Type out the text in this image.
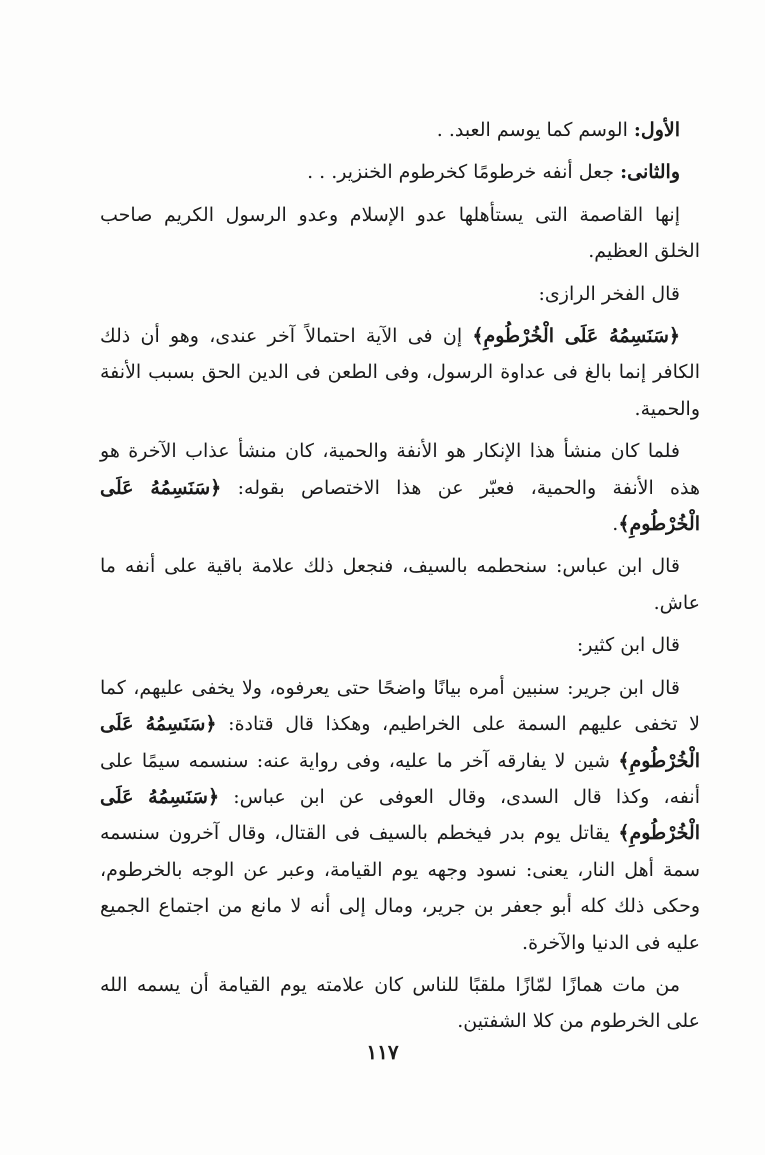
الأول: الوسم كما يوسم العبد. .

والثانى: جعل أنفه خرطومًا كخرطوم الخنزير. . .

إنها القاصمة التى يستأهلها عدو الإسلام وعدو الرسول الكريم صاحب الخلق العظيم.

قال الفخر الرازى:

﴿سَنَسِمُهُ عَلَى الْخُرْطُومِ﴾ إن فى الآية احتمالاً آخر عندى، وهو أن ذلك الكافر إنما بالغ فى عداوة الرسول، وفى الطعن فى الدين الحق بسبب الأنفة والحمية.

فلما كان منشأ هذا الإنكار هو الأنفة والحمية، كان منشأ عذاب الآخرة هو هذه الأنفة والحمية، فعبّر عن هذا الاختصاص بقوله: ﴿سَنَسِمُهُ عَلَى الْخُرْطُومِ﴾.

قال ابن عباس: سنحطمه بالسيف، فنجعل ذلك علامة باقية على أنفه ما عاش.

قال ابن كثير:

قال ابن جرير: سنبين أمره بيانًا واضحًا حتى يعرفوه، ولا يخفى عليهم، كما لا تخفى عليهم السمة على الخراطيم، وهكذا قال قتادة: ﴿سَنَسِمُهُ عَلَى الْخُرْطُومِ﴾ شين لا يفارقه آخر ما عليه، وفى رواية عنه: سنسمه سيمًا على أنفه، وكذا قال السدى، وقال العوفى عن ابن عباس: ﴿سَنَسِمُهُ عَلَى الْخُرْطُومِ﴾ يقاتل يوم بدر فيخطم بالسيف فى القتال، وقال آخرون سنسمه سمة أهل النار، يعنى: نسود وجهه يوم القيامة، وعبر عن الوجه بالخرطوم، وحكى ذلك كله أبو جعفر بن جرير، ومال إلى أنه لا مانع من اجتماع الجميع عليه فى الدنيا والآخرة.

من مات همازًا لمّازًا ملقبًا للناس كان علامته يوم القيامة أن يسمه الله على الخرطوم من كلا الشفتين.

١١٧
